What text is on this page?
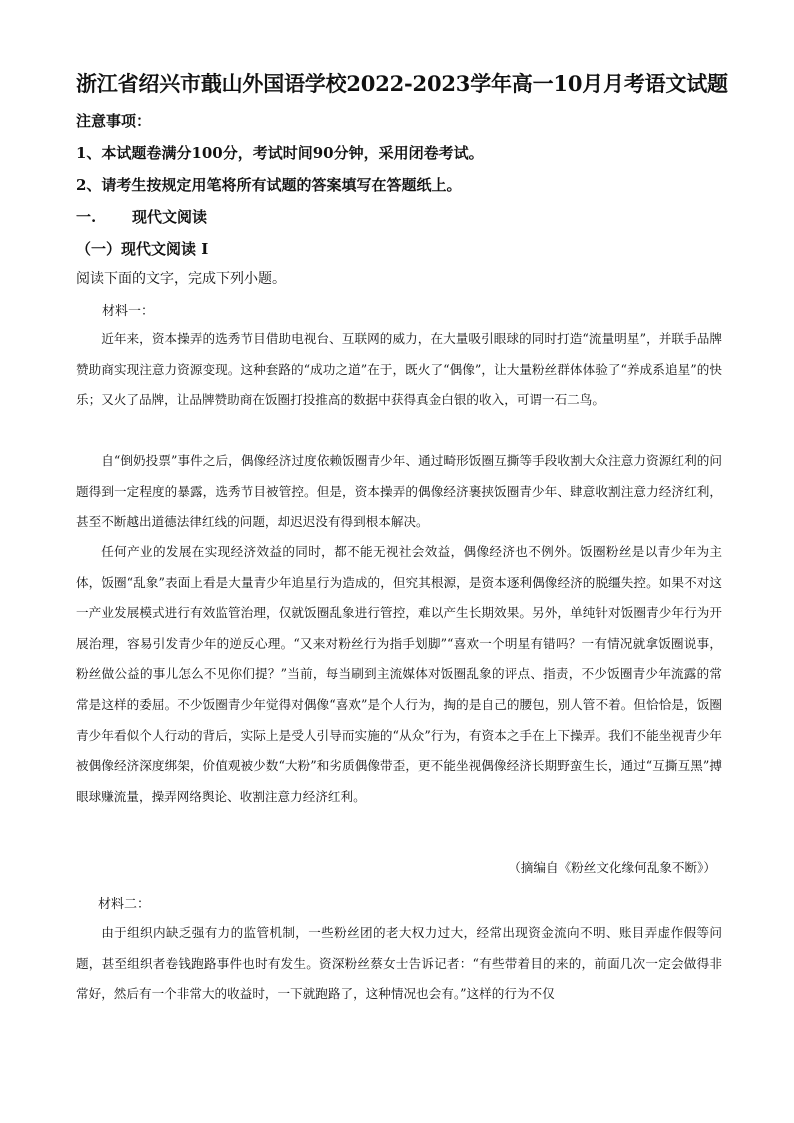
浙江省绍兴市蕺山外国语学校2022-2023学年高一10月月考语文试题
注意事项：
1、本试题卷满分100分，考试时间90分钟，采用闭卷考试。
2、请考生按规定用笔将所有试题的答案填写在答题纸上。
一. 现代文阅读
（一）现代文阅读 I
阅读下面的文字，完成下列小题。
材料一：

近年来，资本操弄的选秀节目借助电视台、互联网的威力，在大量吸引眼球的同时打造“流量明星”，并联手品牌赞助商实现注意力资源变现。这种套路的“成功之道”在于，既火了“偶像”，让大量粉丝群体体验了“养成系追星”的快乐；又火了品牌，让品牌赞助商在饭圈打投推高的数据中获得真金白银的收入，可谓一石二鸟。

自“倒奶投票”事件之后，偶像经济过度依赖饭圈青少年、通过畸形饭圈互撕等手段收割大众注意力资源红利的问题得到一定程度的暴露，选秀节目被管控。但是，资本操弄的偶像经济裹挟饭圈青少年、肆意收割注意力经济红利，甚至不断越出道德法律红线的问题，却迟迟没有得到根本解决。

任何产业的发展在实现经济效益的同时，都不能无视社会效益，偶像经济也不例外。饭圈粉丝是以青少年为主体，饭圈“乱象”表面上看是大量青少年追星行为造成的，但究其根源，是资本逐利偶像经济的脱缰失控。如果不对这一产业发展模式进行有效监管治理，仅就饭圈乱象进行管控，难以产生长期效果。另外，单纯针对饭圈青少年行为开展治理，容易引发青少年的逆反心理。“又来对粉丝行为指手划脚”“喜欢一个明星有错吗？一有情况就拿饭圈说事，粉丝做公益的事儿怎么不见你们提？”当前，每当刷到主流媒体对饭圈乱象的评点、指责，不少饭圈青少年流露的常常是这样的委屈。不少饭圈青少年觉得对偶像“喜欢”是个人行为，掏的是自己的腰包，别人管不着。但恰恰是，饭圈青少年看似个人行动的背后，实际上是受人引导而实施的“从众”行为，有资本之手在上下操弄。我们不能坐视青少年被偶像经济深度绑架，价值观被少数“大粉”和劣质偶像带歪，更不能坐视偶像经济长期野蛮生长，通过“互撕互黑”搏眼球赚流量，操弄网络舆论、收割注意力经济红利。

（摘编自《粉丝文化缘何乱象不断》）
材料二：

由于组织内缺乏强有力的监管机制，一些粉丝团的老大权力过大，经常出现资金流向不明、账目弄虚作假等问题，甚至组织者卷钱跑路事件也时有发生。资深粉丝蔡女士告诉记者：“有些带着目的来的，前面几次一定会做得非常好，然后有一个非常大的收益时，一下就跑路了，这种情况也会有。”这样的行为不仅
